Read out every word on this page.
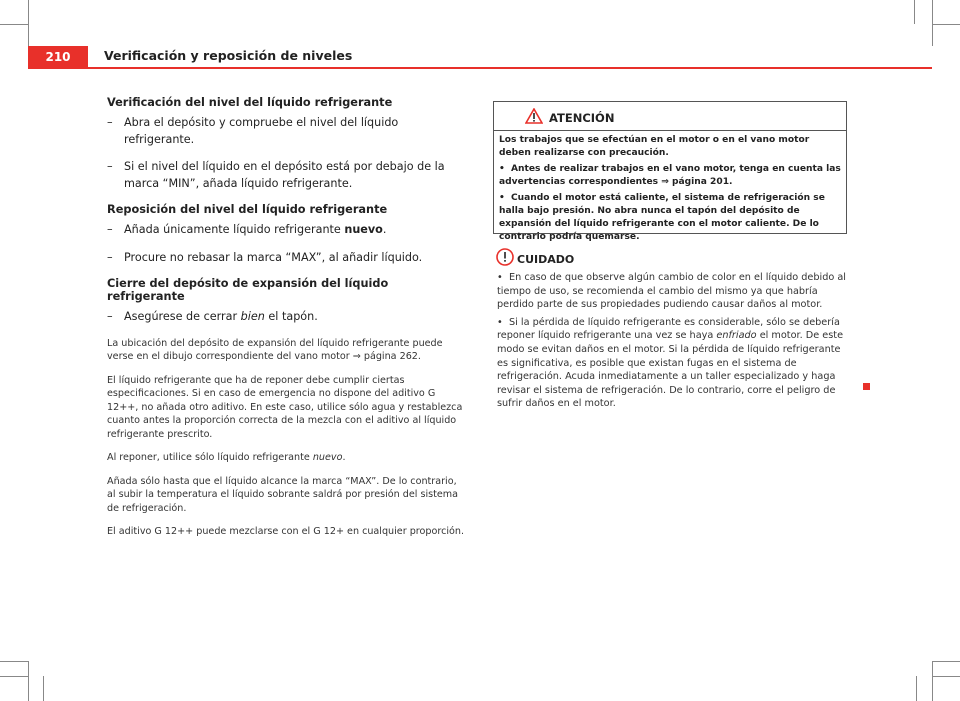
210	Verificación y reposición de niveles
Verificación del nivel del líquido refrigerante
– Abra el depósito y compruebe el nivel del líquido refrigerante.
– Si el nivel del líquido en el depósito está por debajo de la marca “MIN”, añada líquido refrigerante.
Reposición del nivel del líquido refrigerante
– Añada únicamente líquido refrigerante nuevo.
– Procure no rebasar la marca “MAX”, al añadir líquido.
Cierre del depósito de expansión del líquido refrigerante
– Asegúrese de cerrar bien el tapón.

La ubicación del depósito de expansión del líquido refrigerante puede verse en el dibujo correspondiente del vano motor ⇒ página 262.

El líquido refrigerante que ha de reponer debe cumplir ciertas especificaciones. Si en caso de emergencia no dispone del aditivo G 12++, no añada otro aditivo. En este caso, utilice sólo agua y restablezca cuanto antes la proporción correcta de la mezcla con el aditivo al líquido refrigerante prescrito.

Al reponer, utilice sólo líquido refrigerante nuevo.

Añada sólo hasta que el líquido alcance la marca “MAX”. De lo contrario, al subir la temperatura el líquido sobrante saldrá por presión del sistema de refrigeración.

El aditivo G 12++ puede mezclarse con el G 12+ en cualquier proporción.

ATENCIÓN

Los trabajos que se efectúan en el motor o en el vano motor deben realizarse con precaución.

• Antes de realizar trabajos en el vano motor, tenga en cuenta las advertencias correspondientes ⇒ página 201.

• Cuando el motor está caliente, el sistema de refrigeración se halla bajo presión. No abra nunca el tapón del depósito de expansión del líquido refrigerante con el motor caliente. De lo contrario podría quemarse.

CUIDADO

• En caso de que observe algún cambio de color en el líquido debido al tiempo de uso, se recomienda el cambio del mismo ya que habría perdido parte de sus propiedades pudiendo causar daños al motor.

• Si la pérdida de líquido refrigerante es considerable, sólo se debería reponer líquido refrigerante una vez se haya enfriado el motor. De este modo se evitan daños en el motor. Si la pérdida de líquido refrigerante es significativa, es posible que existan fugas en el sistema de refrigeración. Acuda inmediatamente a un taller especializado y haga revisar el sistema de refrigeración. De lo contrario, corre el peligro de sufrir daños en el motor.
